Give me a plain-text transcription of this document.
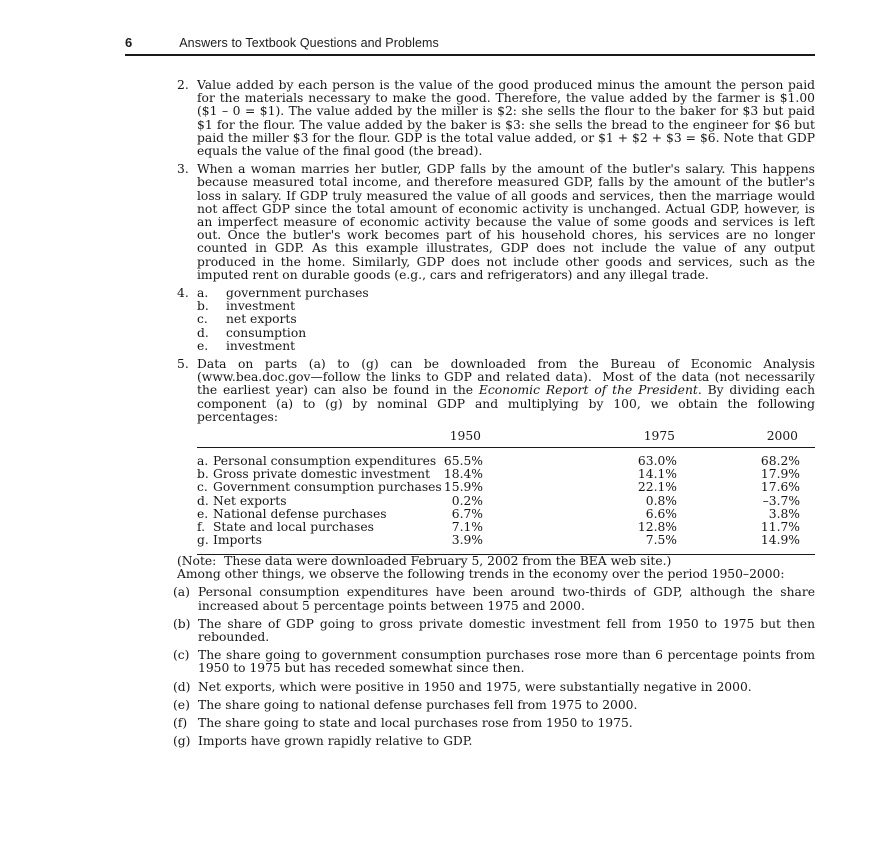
6	Answers to Textbook Questions and Problems
2. Value added by each person is the value of the good produced minus the amount the person paid for the materials necessary to make the good. Therefore, the value added by the farmer is $1.00 ($1 – 0 = $1). The value added by the miller is $2: she sells the flour to the baker for $3 but paid $1 for the flour. The value added by the baker is $3: she sells the bread to the engineer for $6 but paid the miller $3 for the flour. GDP is the total value added, or $1 + $2 + $3 = $6. Note that GDP equals the value of the final good (the bread).

3. When a woman marries her butler, GDP falls by the amount of the butler's salary. This happens because measured total income, and therefore measured GDP, falls by the amount of the butler's loss in salary. If GDP truly measured the value of all goods and services, then the marriage would not affect GDP since the total amount of economic activity is unchanged. Actual GDP, however, is an imperfect measure of economic activity because the value of some goods and services is left out. Once the butler's work becomes part of his household chores, his services are no longer counted in GDP. As this example illustrates, GDP does not include the value of any output produced in the home. Similarly, GDP does not include other goods and services, such as the imputed rent on durable goods (e.g., cars and refrigerators) and any illegal trade.

4. a.	government purchases
b.	investment
c.	net exports
d.	consumption
e.	investment
5. Data on parts (a) to (g) can be downloaded from the Bureau of Economic Analysis (www.bea.doc.gov—follow the links to GDP and related data).  Most of the data (not necessarily the earliest year) can also be found in the Economic Report of the President. By dividing each component (a) to (g) by nominal GDP and multiplying by 100, we obtain the following percentages:

	1950	1975	2000
a. Personal consumption expenditures	65.5%	63.0%	68.2%
b. Gross private domestic investment	18.4%	14.1%	17.9%
c. Government consumption purchases	15.9%	22.1%	17.6%
d. Net exports	0.2%	0.8%	–3.7%
e. National defense purchases	6.7%	6.6%	3.8%
f. State and local purchases	7.1%	12.8%	11.7%
g. Imports	3.9%	7.5%	14.9%

(Note:  These data were downloaded February 5, 2002 from the BEA web site.)

Among other things, we observe the following trends in the economy over the period 1950–2000:

(a) Personal consumption expenditures have been around two-thirds of GDP, although the share increased about 5 percentage points between 1975 and 2000.

(b) The share of GDP going to gross private domestic investment fell from 1950 to 1975 but then rebounded.

(c) The share going to government consumption purchases rose more than 6 percentage points from 1950 to 1975 but has receded somewhat since then.

(d) Net exports, which were positive in 1950 and 1975, were substantially negative in 2000.

(e) The share going to national defense purchases fell from 1975 to 2000.

(f) The share going to state and local purchases rose from 1950 to 1975.

(g) Imports have grown rapidly relative to GDP.
